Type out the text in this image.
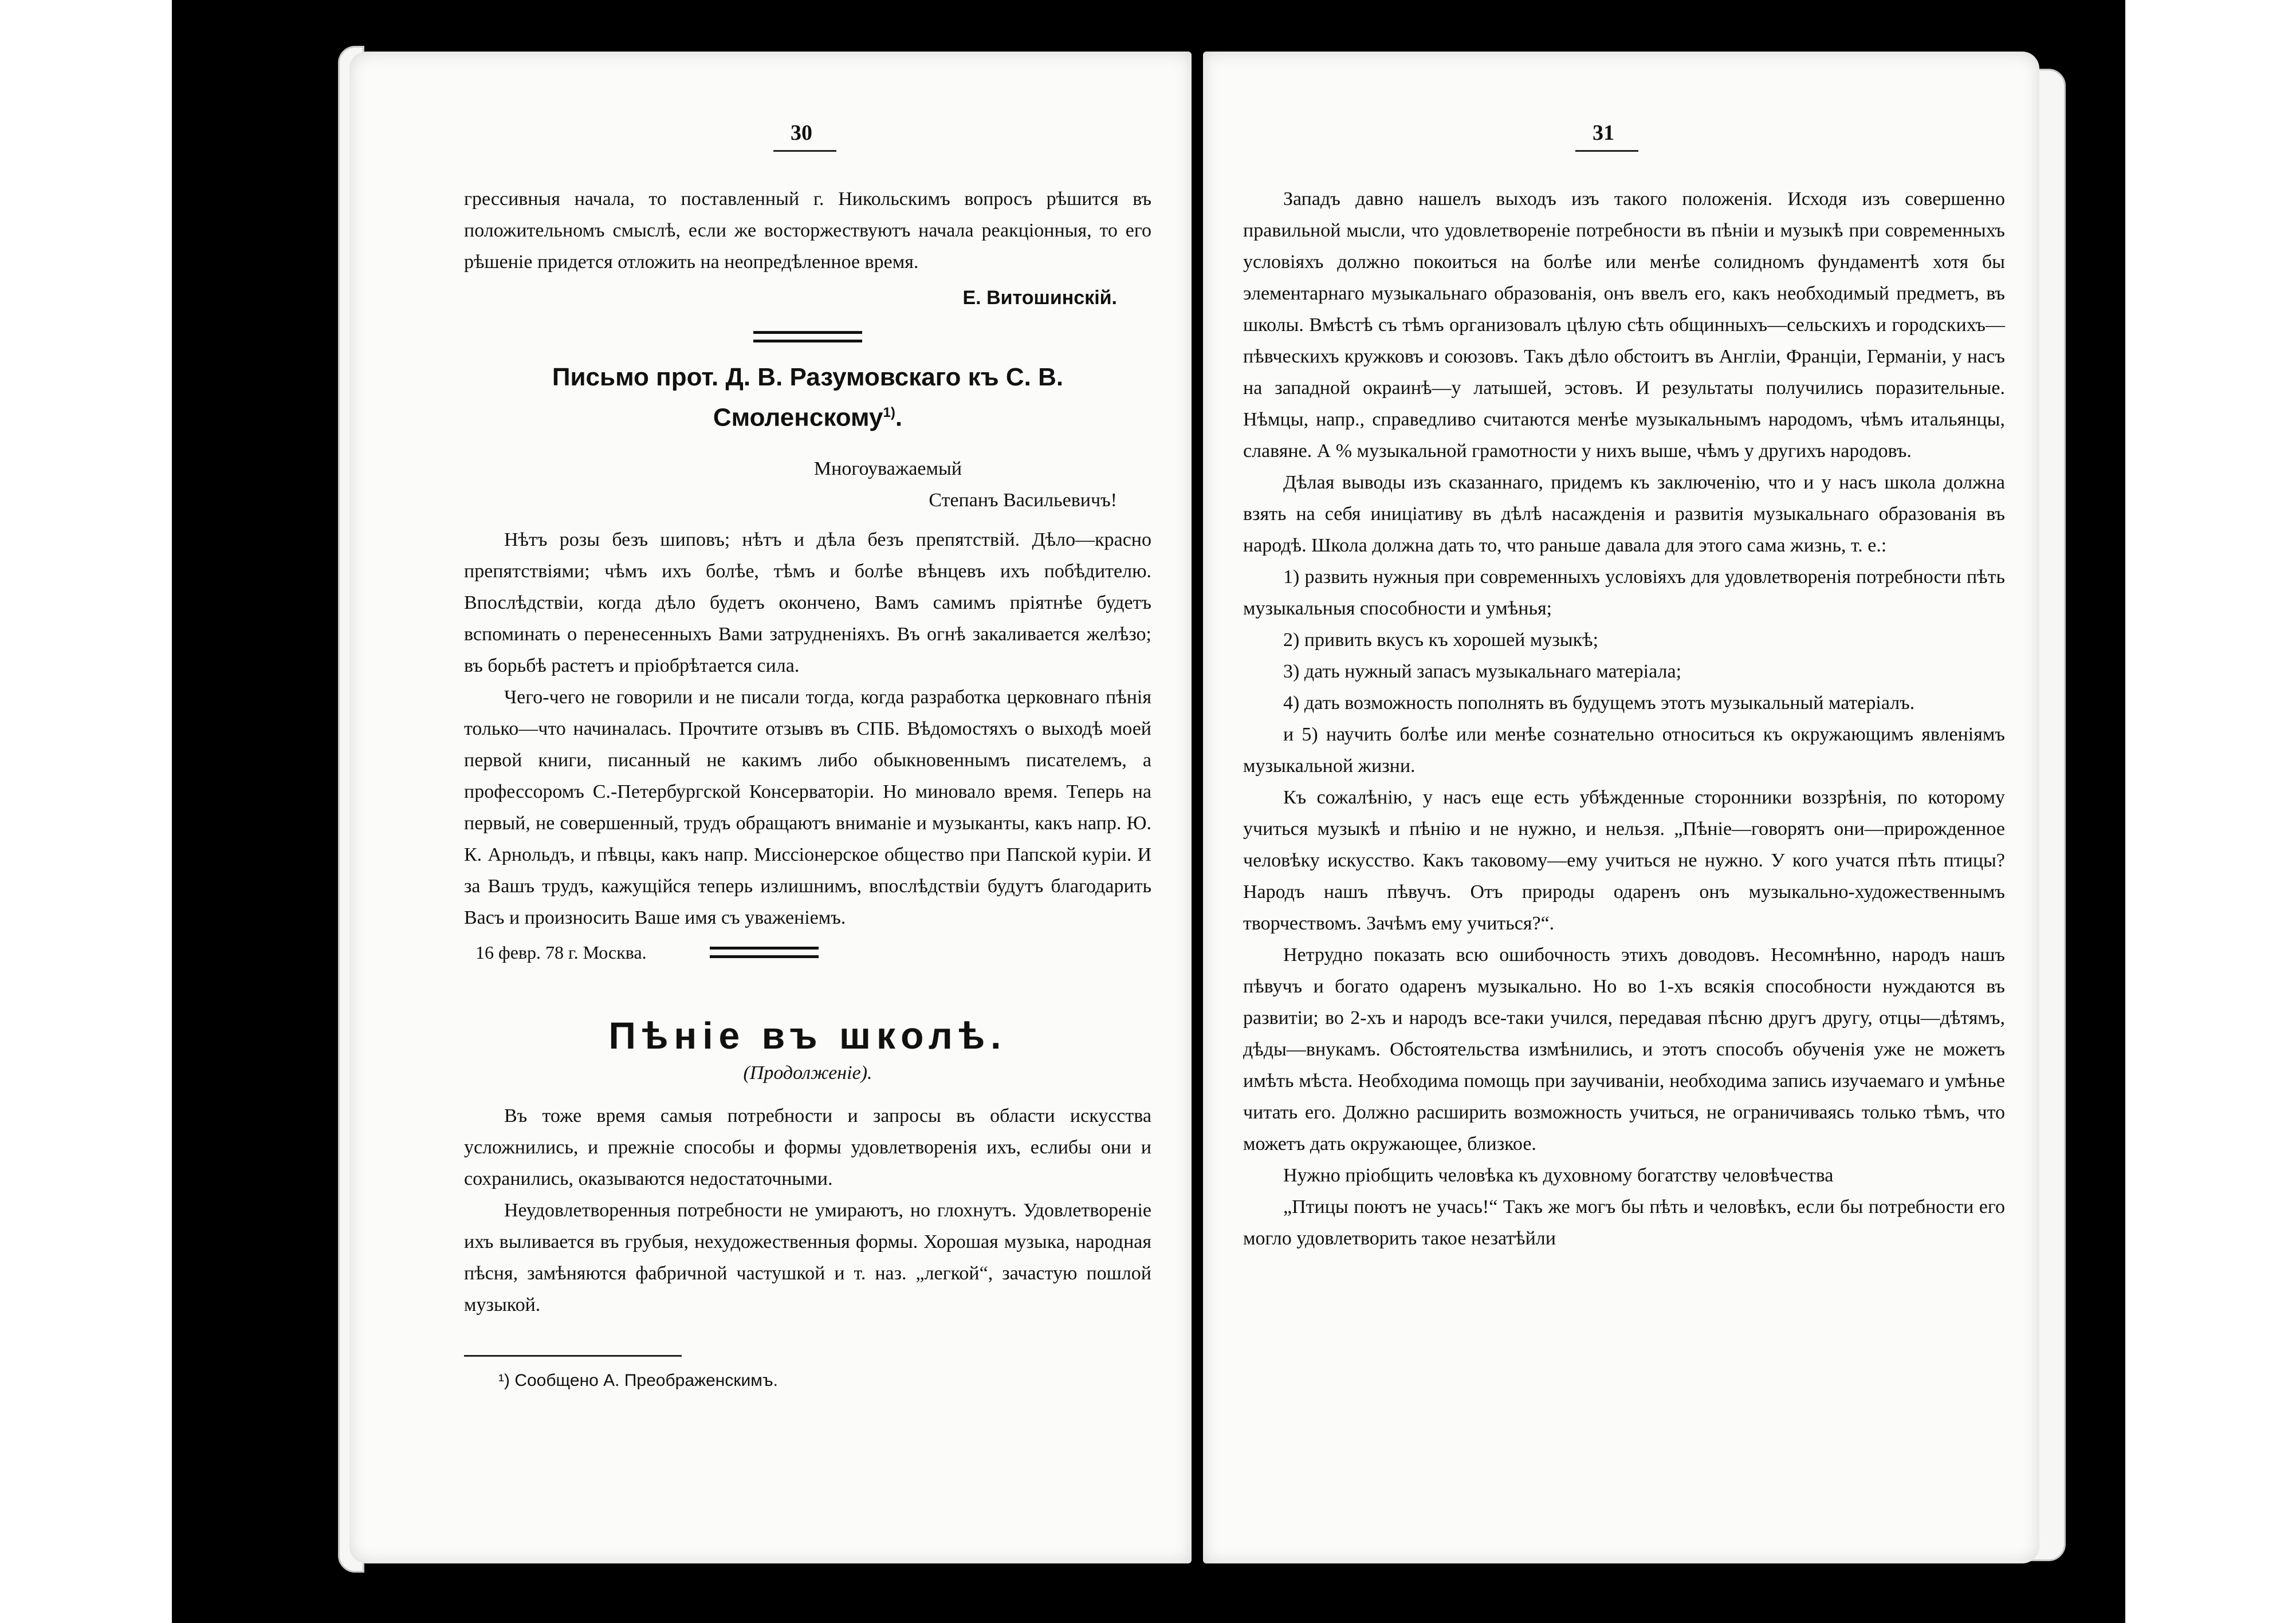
30

грессивныя начала, то поставленный г. Никольскимъ вопросъ рѣшится въ положительномъ смыслѣ, если же восторжествуютъ начала реакціонныя, то его рѣшеніе придется отложить на неопредѣленное время.

Е. Витошинскій.
Письмо прот. Д. В. Разумовскаго къ С. В. Смоленскому$^{1)}$.
Многоуважаемый
Степанъ Васильевичъ!

Нѣтъ розы безъ шиповъ; нѣтъ и дѣла безъ препятствій. Дѣло—красно препятствіями; чѣмъ ихъ болѣе, тѣмъ и болѣе вѣнцевъ ихъ побѣдителю. Впослѣдствіи, когда дѣло будетъ окончено, Вамъ самимъ пріятнѣе будетъ вспоминать о перенесенныхъ Вами затрудненіяхъ. Въ огнѣ закаливается желѣзо; въ борьбѣ растетъ и пріобрѣтается сила.

Чего-чего не говорили и не писали тогда, когда разработка церковнаго пѣнія только—что начиналась. Прочтите отзывъ въ СПБ. Вѣдомостяхъ о выходѣ моей первой книги, писанный не какимъ либо обыкновеннымъ писателемъ, а профессоромъ С.-Петербургской Консерваторіи. Но миновало время. Теперь на первый, не совершенный, трудъ обращаютъ вниманіе и музыканты, какъ напр. Ю. К. Арнольдъ, и пѣвцы, какъ напр. Миссіонерское общество при Папской куріи. И за Вашъ трудъ, кажущійся теперь излишнимъ, впослѣдствіи будутъ благодарить Васъ и произносить Ваше имя съ уваженіемъ.

16 февр. 78 г. Москва.
Пѣніе въ школѣ.
(Продолженіе).

Въ тоже время самыя потребности и запросы въ области искусства усложнились, и прежніе способы и формы удовлетворенія ихъ, еслибы они и сохранились, оказываются недостаточными.

Неудовлетворенныя потребности не умираютъ, но глохнутъ. Удовлетвореніе ихъ выливается въ грубыя, нехудожественныя формы. Хорошая музыка, народная пѣсня, замѣняются фабричной частушкой и т. наз. „легкой“, зачастую пошлой музыкой.

¹) Сообщено А. Преображенскимъ.
31

Западъ давно нашелъ выходъ изъ такого положенія. Исходя изъ совершенно правильной мысли, что удовлетвореніе потребности въ пѣніи и музыкѣ при современныхъ условіяхъ должно покоиться на болѣе или менѣе солидномъ фундаментѣ хотя бы элементарнаго музыкальнаго образованія, онъ ввелъ его, какъ необходимый предметъ, въ школы. Вмѣстѣ съ тѣмъ организовалъ цѣлую сѣть общинныхъ—сельскихъ и городскихъ—пѣвческихъ кружковъ и союзовъ. Такъ дѣло обстоитъ въ Англіи, Франціи, Германіи, у насъ на западной окраинѣ—у латышей, эстовъ. И результаты получились поразительные. Нѣмцы, напр., справедливо считаются менѣе музыкальнымъ народомъ, чѣмъ итальянцы, славяне. А % музыкальной грамотности у нихъ выше, чѣмъ у другихъ народовъ.

Дѣлая выводы изъ сказаннаго, придемъ къ заключенію, что и у насъ школа должна взять на себя иниціативу въ дѣлѣ насажденія и развитія музыкальнаго образованія въ народѣ. Школа должна дать то, что раньше давала для этого сама жизнь, т. е.:

1) развить нужныя при современныхъ условіяхъ для удовлетворенія потребности пѣть музыкальныя способности и умѣнья;

2) привить вкусъ къ хорошей музыкѣ;

3) дать нужный запасъ музыкальнаго матеріала;

4) дать возможность пополнять въ будущемъ этотъ музыкальный матеріалъ.

и 5) научить болѣе или менѣе сознательно относиться къ окружающимъ явленіямъ музыкальной жизни.

Къ сожалѣнію, у насъ еще есть убѣжденные сторонники воззрѣнія, по которому учиться музыкѣ и пѣнію и не нужно, и нельзя. „Пѣніе—говорятъ они—прирожденное человѣку искусство. Какъ таковому—ему учиться не нужно. У кого учатся пѣть птицы? Народъ нашъ пѣвучъ. Отъ природы одаренъ онъ музыкально-художественнымъ творчествомъ. Зачѣмъ ему учиться?“.

Нетрудно показать всю ошибочность этихъ доводовъ. Несомнѣнно, народъ нашъ пѣвучъ и богато одаренъ музыкально. Но во 1-хъ всякія способности нуждаются въ развитіи; во 2-хъ и народъ все-таки учился, передавая пѣсню другъ другу, отцы—дѣтямъ, дѣды—внукамъ. Обстоятельства измѣнились, и этотъ способъ обученія уже не можетъ имѣть мѣста. Необходима помощь при заучиваніи, необходима запись изучаемаго и умѣнье читать его. Должно расширить возможность учиться, не ограничиваясь только тѣмъ, что можетъ дать окружающее, близкое.

Нужно пріобщить человѣка къ духовному богатству человѣчества

„Птицы поютъ не учась!“ Такъ же могъ бы пѣть и человѣкъ, если бы потребности его могло удовлетворить такое незатѣйли
